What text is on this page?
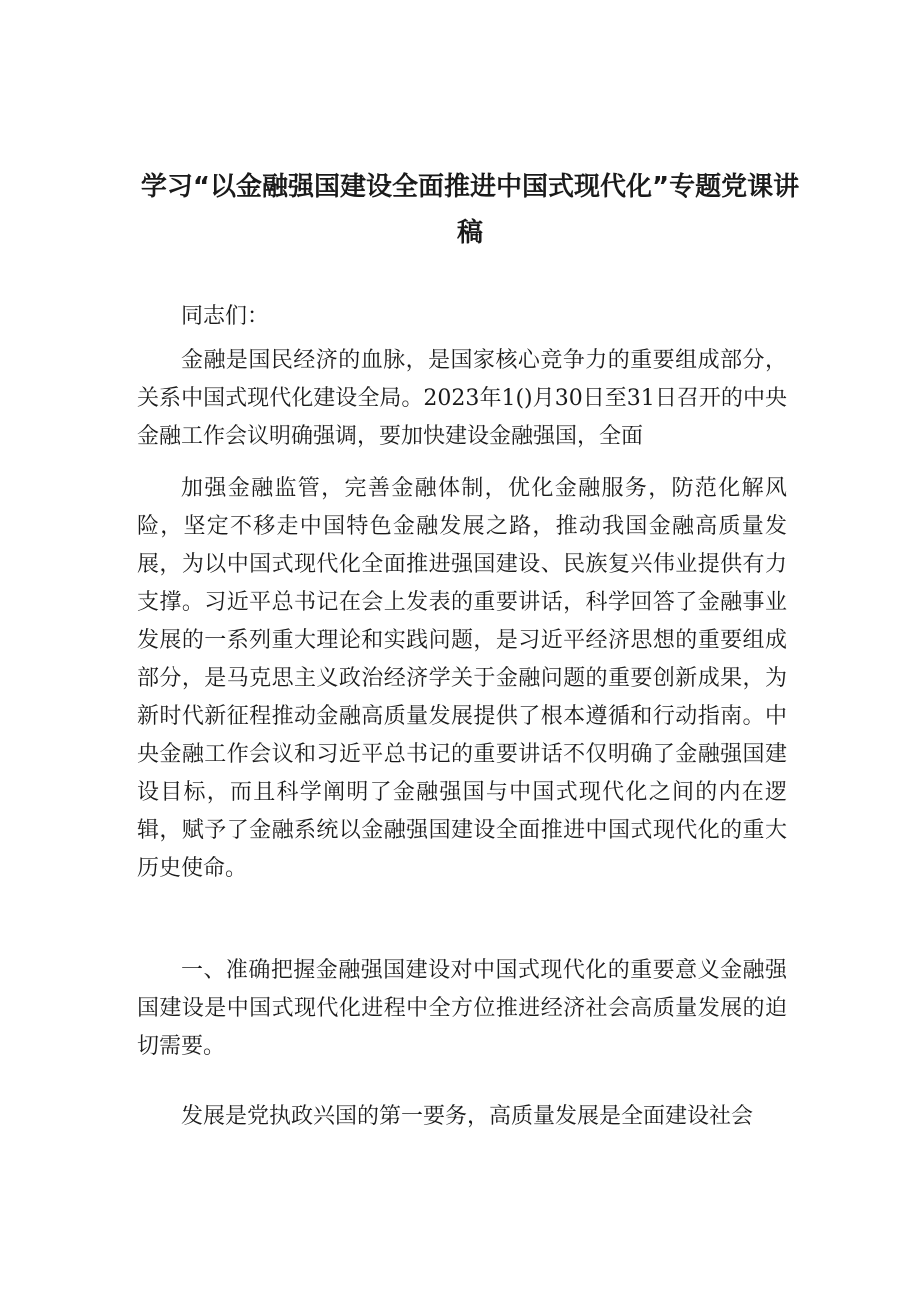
学习“以金融强国建设全面推进中国式现代化”专题党课讲稿

同志们：

金融是国民经济的血脉，是国家核心竞争力的重要组成部分，关系中国式现代化建设全局。2023年1()月30日至31日召开的中央金融工作会议明确强调，要加快建设金融强国，全面

加强金融监管，完善金融体制，优化金融服务，防范化解风险，坚定不移走中国特色金融发展之路，推动我国金融高质量发展，为以中国式现代化全面推进强国建设、民族复兴伟业提供有力支撑。习近平总书记在会上发表的重要讲话，科学回答了金融事业发展的一系列重大理论和实践问题，是习近平经济思想的重要组成部分，是马克思主义政治经济学关于金融问题的重要创新成果，为新时代新征程推动金融高质量发展提供了根本遵循和行动指南。中央金融工作会议和习近平总书记的重要讲话不仅明确了金融强国建设目标，而且科学阐明了金融强国与中国式现代化之间的内在逻辑，赋予了金融系统以金融强国建设全面推进中国式现代化的重大历史使命。

一、准确把握金融强国建设对中国式现代化的重要意义金融强国建设是中国式现代化进程中全方位推进经济社会高质量发展的迫切需要。

发展是党执政兴国的第一要务，高质量发展是全面建设社会
